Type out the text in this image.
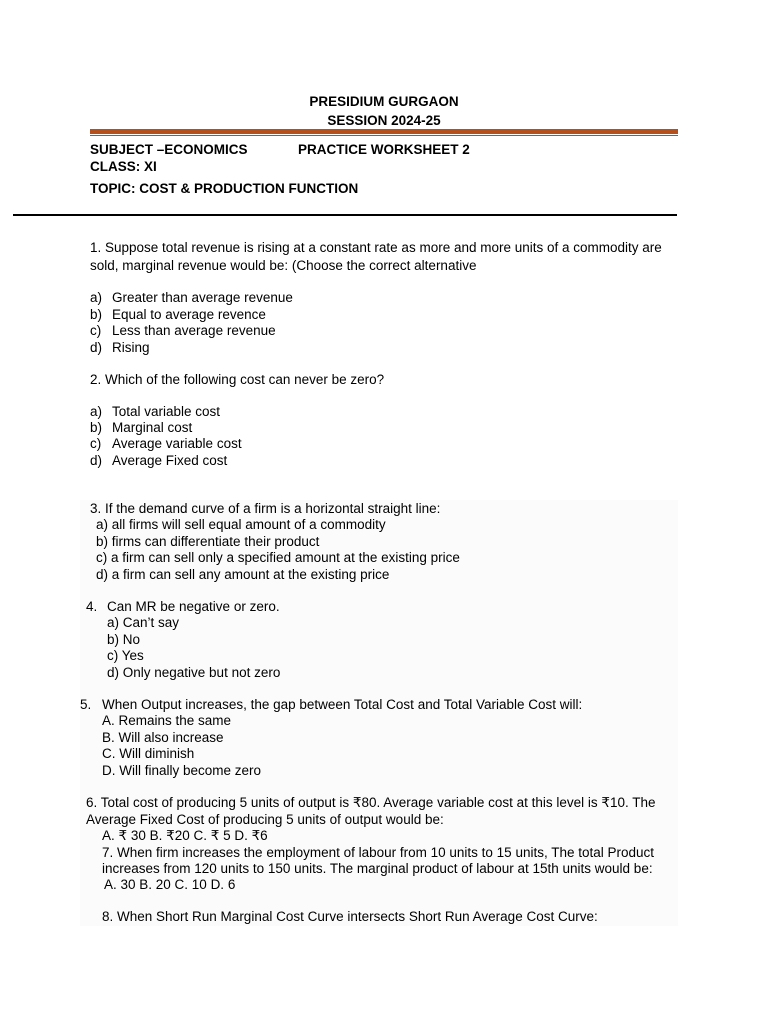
PRESIDIUM GURGAON
SESSION 2024-25
SUBJECT –ECONOMICS	PRACTICE WORKSHEET 2
CLASS: XI
TOPIC: COST & PRODUCTION FUNCTION
1. Suppose total revenue is rising at a constant rate as more and more units of a commodity are
sold, marginal revenue would be: (Choose the correct alternative
a) Greater than average revenue
b) Equal to average revence
c) Less than average revenue
d) Rising
2. Which of the following cost can never be zero?
a) Total variable cost
b) Marginal cost
c) Average variable cost
d) Average Fixed cost
3. If the demand curve of a firm is a horizontal straight line:
a) all firms will sell equal amount of a commodity
b) firms can differentiate their product
c) a firm can sell only a specified amount at the existing price
d) a firm can sell any amount at the existing price
4. Can MR be negative or zero.
a) Can’t say
b) No
c) Yes
d) Only negative but not zero
5. When Output increases, the gap between Total Cost and Total Variable Cost will:
A. Remains the same
B. Will also increase
C. Will diminish
D. Will finally become zero
6. Total cost of producing 5 units of output is ₹80. Average variable cost at this level is ₹10. The
Average Fixed Cost of producing 5 units of output would be:
A. ₹ 30 B. ₹20 C. ₹ 5 D. ₹6
7. When firm increases the employment of labour from 10 units to 15 units, The total Product
increases from 120 units to 150 units. The marginal product of labour at 15th units would be:
A. 30 B. 20 C. 10 D. 6
8. When Short Run Marginal Cost Curve intersects Short Run Average Cost Curve:
